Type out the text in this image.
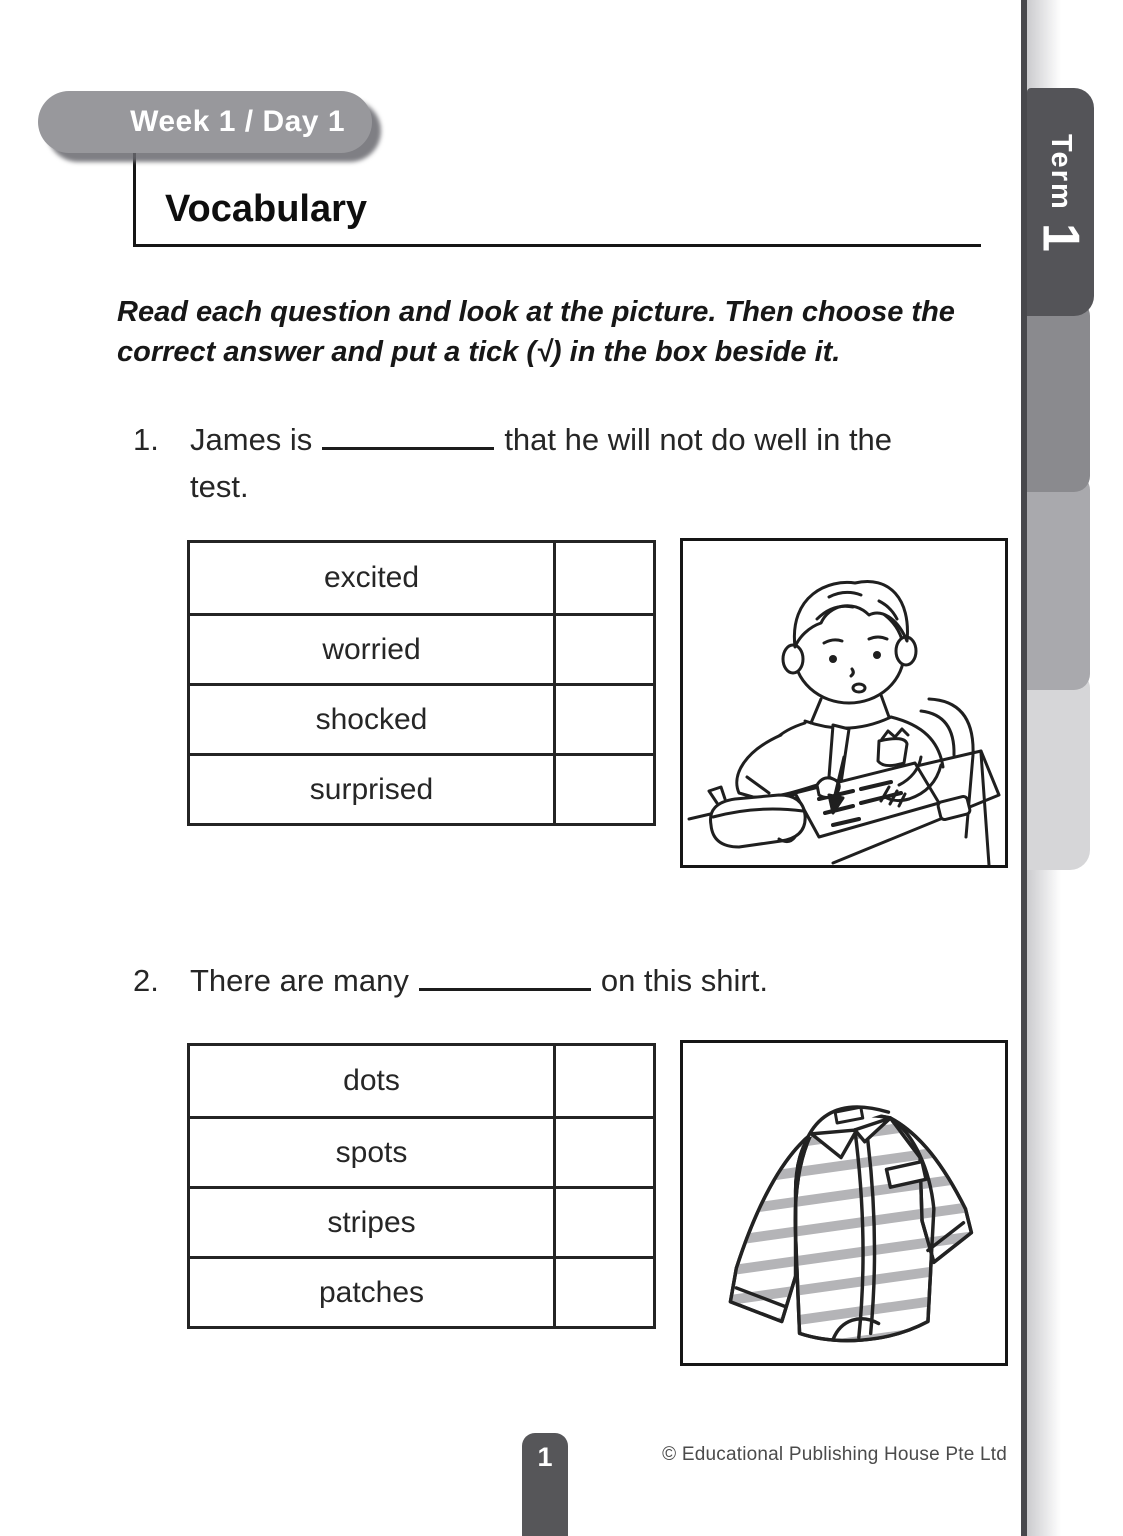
Term
1
Week 1 / Day 1
Vocabulary

Read each question and look at the picture. Then choose the correct answer and put a tick (√) in the box beside it.

1.	James is	that he will not do well in the
test.
excited
worried
shocked
surprised
2.	There are many	on this shirt.
dots
spots
stripes
patches
1	© Educational Publishing House Pte Ltd
